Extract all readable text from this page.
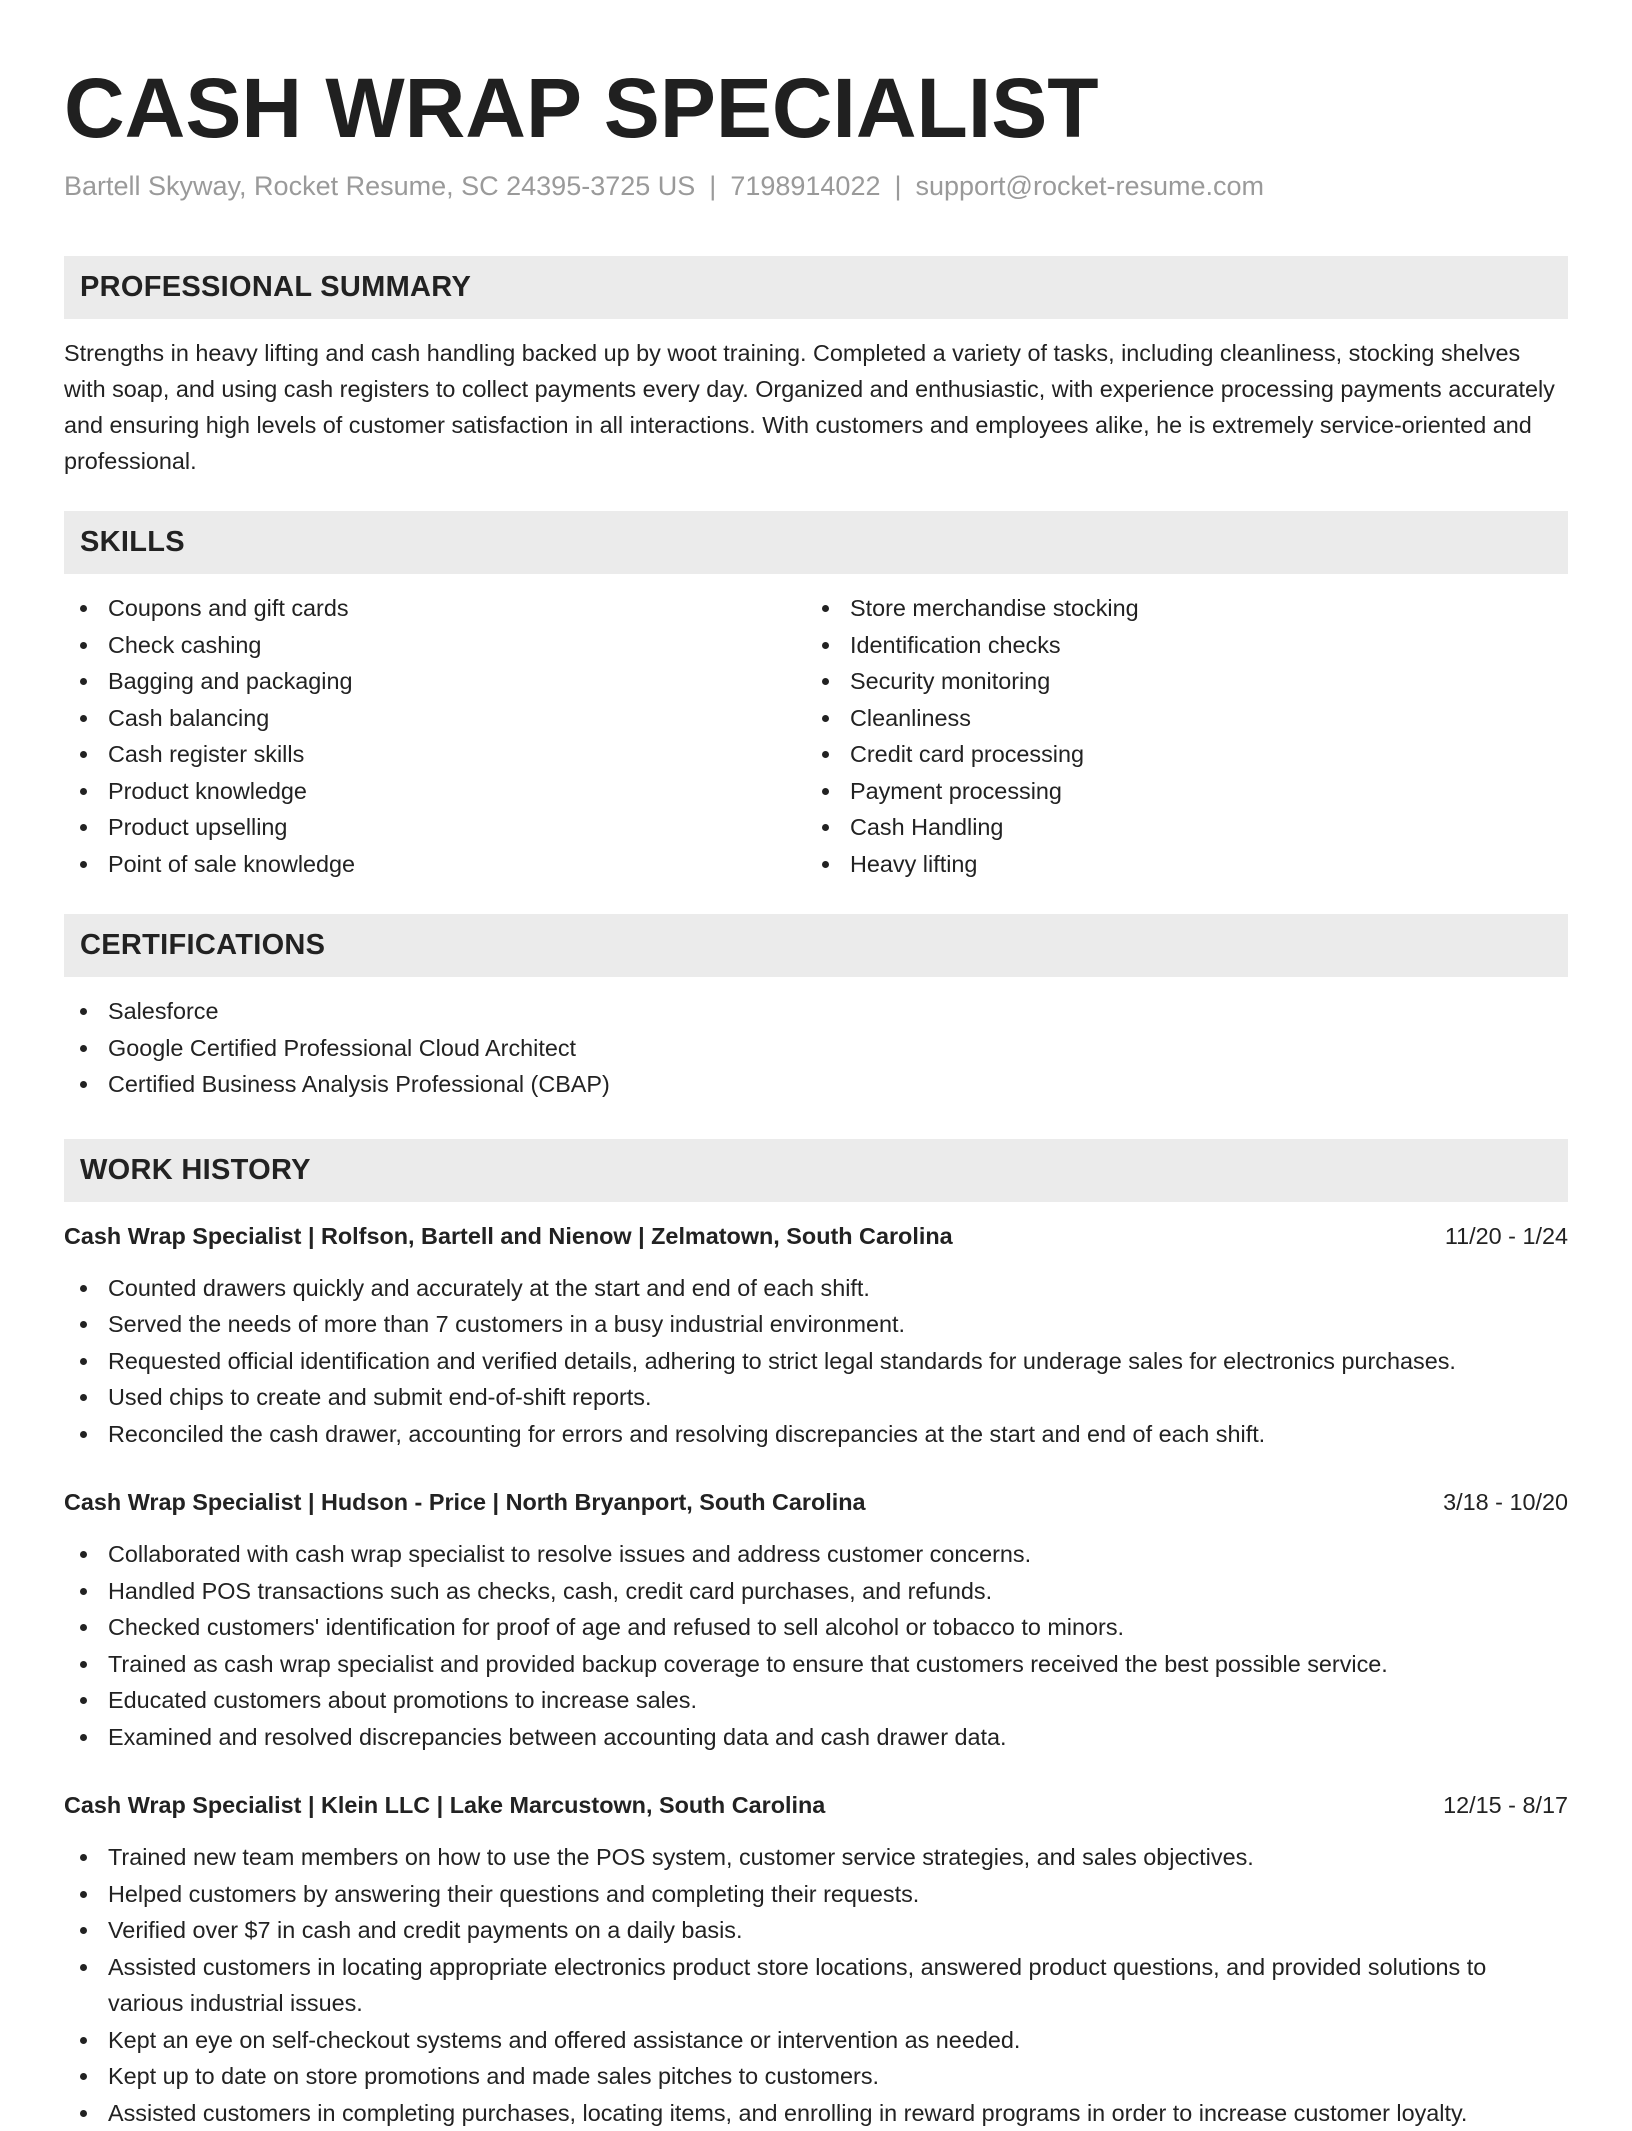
CASH WRAP SPECIALIST
Bartell Skyway, Rocket Resume, SC 24395-3725 US | 7198914022 | support@rocket-resume.com
PROFESSIONAL SUMMARY

Strengths in heavy lifting and cash handling backed up by woot training. Completed a variety of tasks, including cleanliness, stocking shelves with soap, and using cash registers to collect payments every day. Organized and enthusiastic, with experience processing payments accurately and ensuring high levels of customer satisfaction in all interactions. With customers and employees alike, he is extremely service-oriented and professional.

SKILLS
Coupons and gift cards
Check cashing
Bagging and packaging
Cash balancing
Cash register skills
Product knowledge
Product upselling
Point of sale knowledge
Store merchandise stocking
Identification checks
Security monitoring
Cleanliness
Credit card processing
Payment processing
Cash Handling
Heavy lifting
CERTIFICATIONS
Salesforce
Google Certified Professional Cloud Architect
Certified Business Analysis Professional (CBAP)
WORK HISTORY
Cash Wrap Specialist | Rolfson, Bartell and Nienow | Zelmatown, South Carolina	11/20 - 1/24
Counted drawers quickly and accurately at the start and end of each shift.
Served the needs of more than 7 customers in a busy industrial environment.
Requested official identification and verified details, adhering to strict legal standards for underage sales for electronics purchases.
Used chips to create and submit end-of-shift reports.
Reconciled the cash drawer, accounting for errors and resolving discrepancies at the start and end of each shift.
Cash Wrap Specialist | Hudson - Price | North Bryanport, South Carolina	3/18 - 10/20
Collaborated with cash wrap specialist to resolve issues and address customer concerns.
Handled POS transactions such as checks, cash, credit card purchases, and refunds.
Checked customers' identification for proof of age and refused to sell alcohol or tobacco to minors.
Trained as cash wrap specialist and provided backup coverage to ensure that customers received the best possible service.
Educated customers about promotions to increase sales.
Examined and resolved discrepancies between accounting data and cash drawer data.
Cash Wrap Specialist | Klein LLC | Lake Marcustown, South Carolina	12/15 - 8/17
Trained new team members on how to use the POS system, customer service strategies, and sales objectives.
Helped customers by answering their questions and completing their requests.
Verified over $7 in cash and credit payments on a daily basis.
Assisted customers in locating appropriate electronics product store locations, answered product questions, and provided solutions to various industrial issues.
Kept an eye on self-checkout systems and offered assistance or intervention as needed.
Kept up to date on store promotions and made sales pitches to customers.
Assisted customers in completing purchases, locating items, and enrolling in reward programs in order to increase customer loyalty.
